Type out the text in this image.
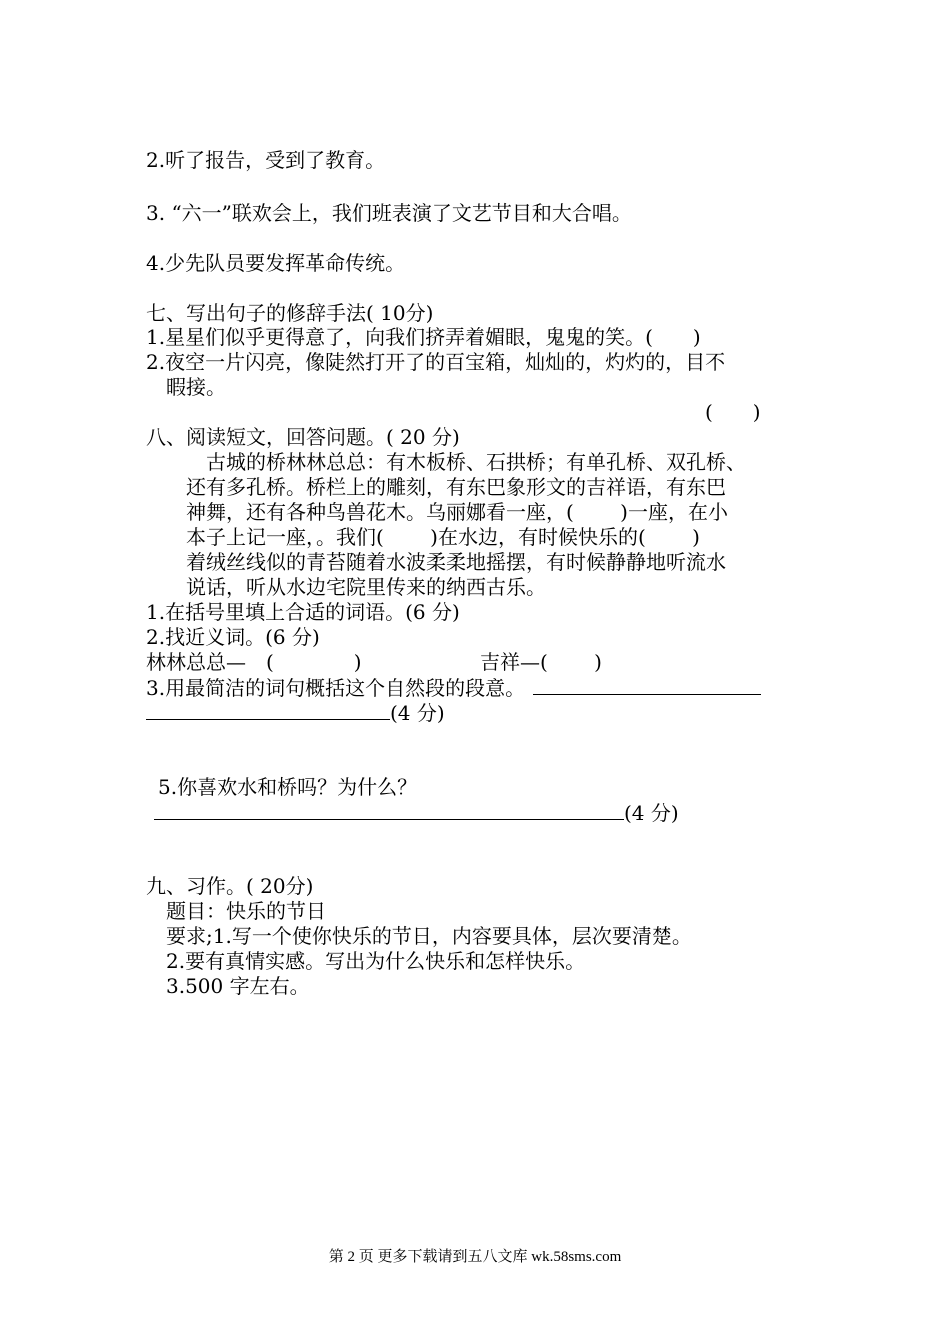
2.听了报告，受到了教育。

3. “六一”联欢会上，我们班表演了文艺节目和大合唱。

4.少先队员要发挥革命传统。

七、写出句子的修辞手法( 10分)

1.星星们似乎更得意了，向我们挤弄着媚眼，鬼鬼的笑。(　　)

2.夜空一片闪亮，像陡然打开了的百宝箱，灿灿的，灼灼的，目不

暇接。

(　　)

八、阅读短文，回答问题。( 20 分)

　古城的桥林林总总：有木板桥、石拱桥；有单孔桥、双孔桥、

还有多孔桥。桥栏上的雕刻，有东巴象形文的吉祥语，有东巴

神舞，还有各种鸟兽花木。乌丽娜看一座，(　　 )一座，在小

本子上记一座，。我们(　　 )在水边，有时候快乐的(　　 )

着绒丝线似的青苔随着水波柔柔地摇摆，有时候静静地听流水

说话，听从水边宅院里传来的纳西古乐。

1.在括号里填上合适的词语。(6 分)

2.找近义词。(6 分)

林林总总—　(　　　　)	吉祥—(　　 )

3.用最简洁的词句概括这个自然段的段意。

(4 分)

5.你喜欢水和桥吗？为什么？

(4 分)

九、习作。( 20分)

题目：快乐的节日

要求;1.写一个使你快乐的节日，内容要具体，层次要清楚。

2.要有真情实感。写出为什么快乐和怎样快乐。

3.500 字左右。

第 2 页 更多下载请到五八文库 wk.58sms.com
